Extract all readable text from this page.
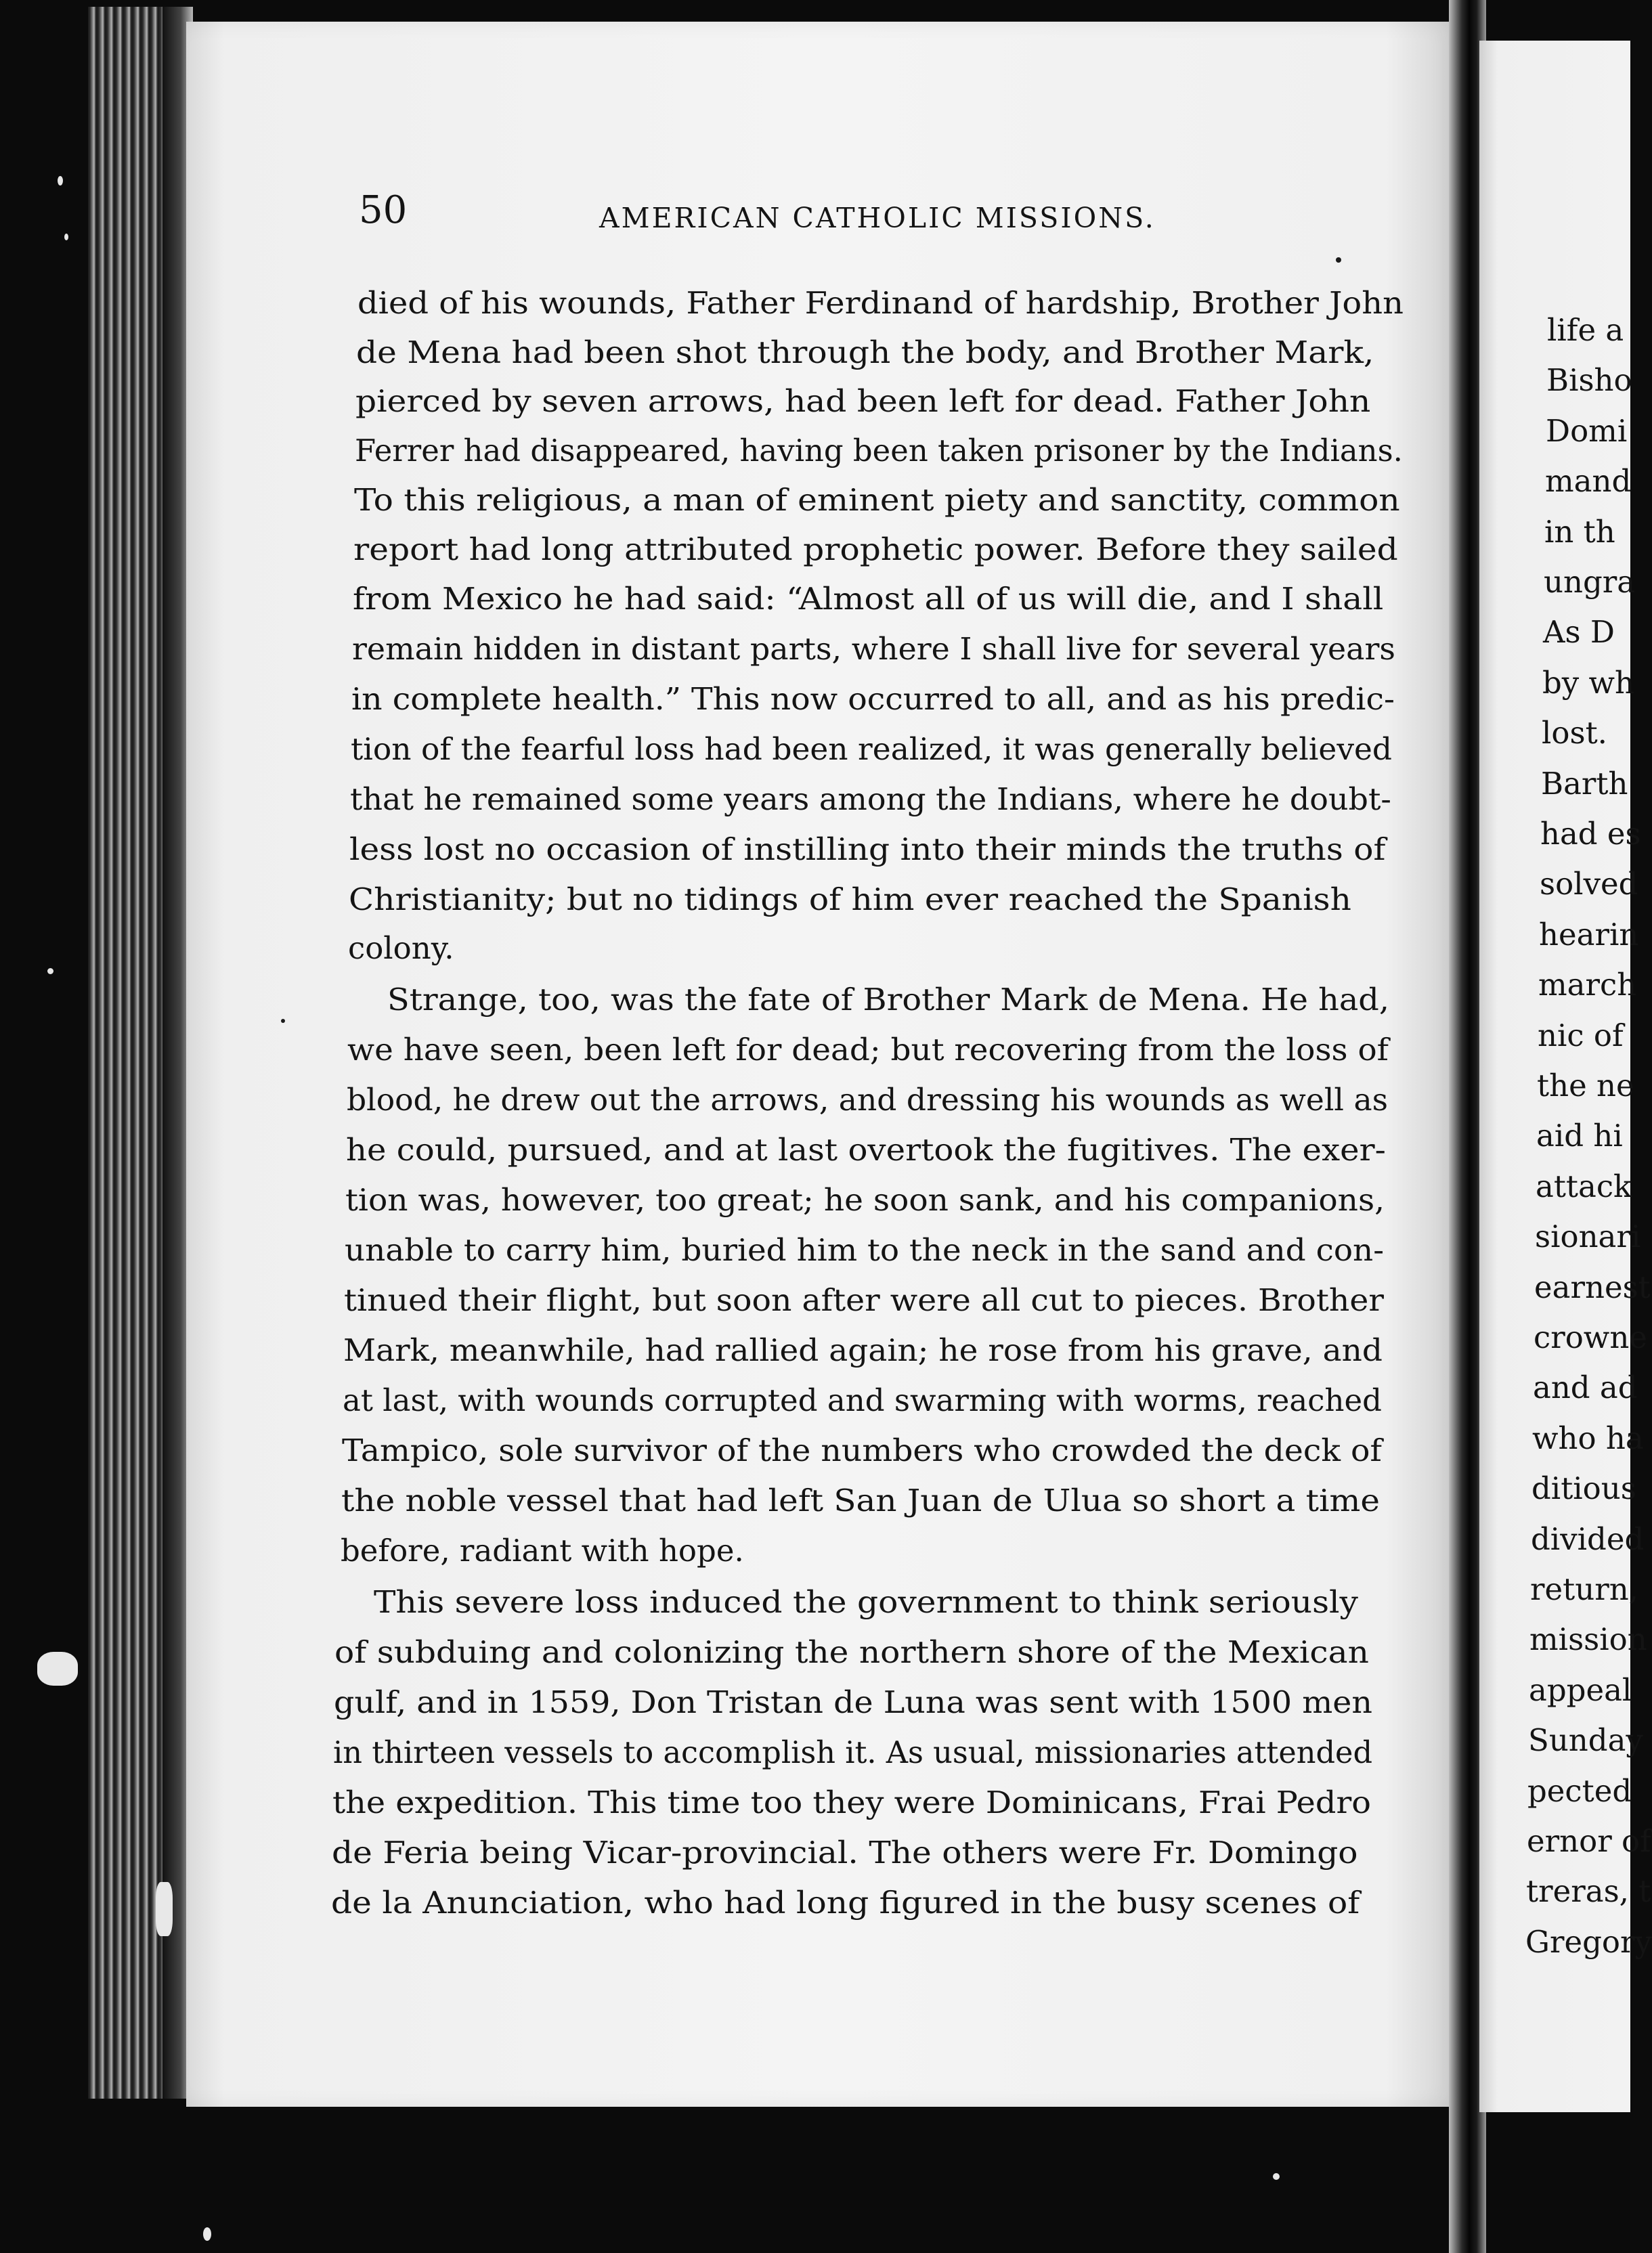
life a
Bisho
Domi
mand
in th
ungra
As D
by wh
lost.
Barth
had es
solved
hearin
march
nic of
the ne
aid hi
attack
sionari
earnest
crowne
and ad
who ha
ditious
divided
return,
mission
appeal
Sunday
pected
ernor of
treras, t
Gregory
50	AMERICAN CATHOLIC MISSIONS.
died of his wounds, Father Ferdinand of hardship, Brother John
de Mena had been shot through the body, and Brother Mark,
pierced by seven arrows, had been left for dead. Father John
Ferrer had disappeared, having been taken prisoner by the Indians.
To this religious, a man of eminent piety and sanctity, common
report had long attributed prophetic power. Before they sailed
from Mexico he had said: “Almost all of us will die, and I shall
remain hidden in distant parts, where I shall live for several years
in complete health.” This now occurred to all, and as his predic-
tion of the fearful loss had been realized, it was generally believed
that he remained some years among the Indians, where he doubt-
less lost no occasion of instilling into their minds the truths of
Christianity; but no tidings of him ever reached the Spanish
colony.
Strange, too, was the fate of Brother Mark de Mena. He had,
we have seen, been left for dead; but recovering from the loss of
blood, he drew out the arrows, and dressing his wounds as well as
he could, pursued, and at last overtook the fugitives. The exer-
tion was, however, too great; he soon sank, and his companions,
unable to carry him, buried him to the neck in the sand and con-
tinued their flight, but soon after were all cut to pieces. Brother
Mark, meanwhile, had rallied again; he rose from his grave, and
at last, with wounds corrupted and swarming with worms, reached
Tampico, sole survivor of the numbers who crowded the deck of
the noble vessel that had left San Juan de Ulua so short a time
before, radiant with hope.
This severe loss induced the government to think seriously
of subduing and colonizing the northern shore of the Mexican
gulf, and in 1559, Don Tristan de Luna was sent with 1500 men
in thirteen vessels to accomplish it. As usual, missionaries attended
the expedition. This time too they were Dominicans, Frai Pedro
de Feria being Vicar-provincial. The others were Fr. Domingo
de la Anunciation, who had long figured in the busy scenes of
